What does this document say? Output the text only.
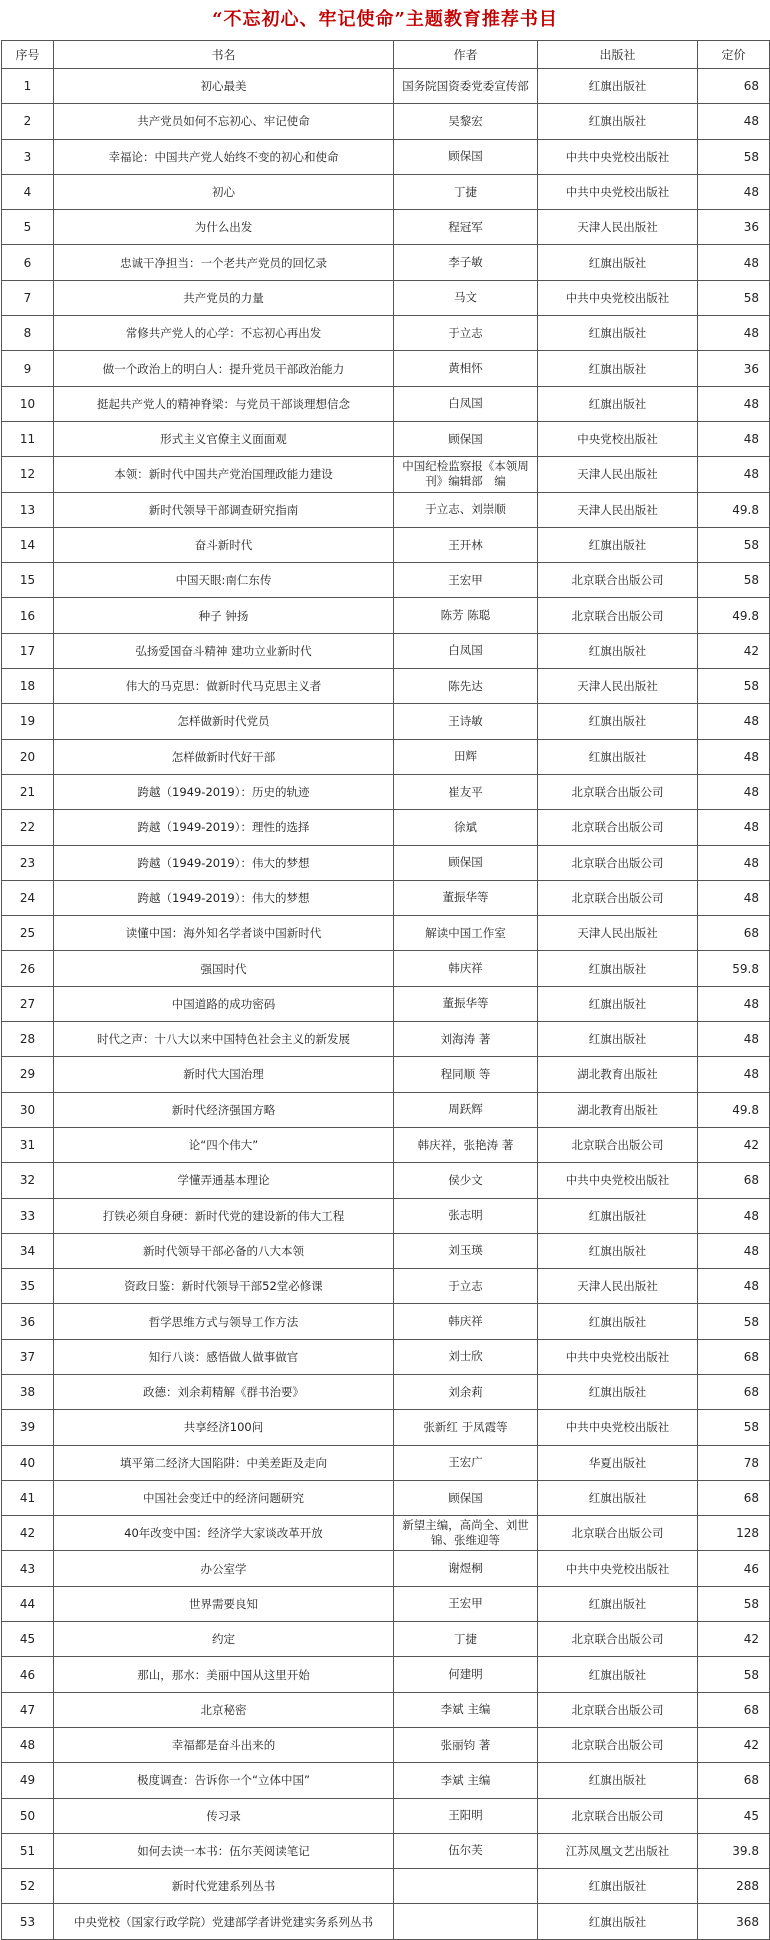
“不忘初心、牢记使命”主题教育推荐书目
序号	书名	作者	出版社	定价
1	初心最美	国务院国资委党委宣传部	红旗出版社	68
2	共产党员如何不忘初心、牢记使命	吴黎宏	红旗出版社	48
3	幸福论：中国共产党人始终不变的初心和使命	顾保国	中共中央党校出版社	58
4	初心	丁捷	中共中央党校出版社	48
5	为什么出发	程冠军	天津人民出版社	36
6	忠诚干净担当：一个老共产党员的回忆录	李子敏	红旗出版社	48
7	共产党员的力量	马文	中共中央党校出版社	58
8	常修共产党人的心学：不忘初心再出发	于立志	红旗出版社	48
9	做一个政治上的明白人：提升党员干部政治能力	黄相怀	红旗出版社	36
10	挺起共产党人的精神脊梁：与党员干部谈理想信念	白凤国	红旗出版社	48
11	形式主义官僚主义面面观	顾保国	中央党校出版社	48
12	本领：新时代中国共产党治国理政能力建设	中国纪检监察报《本领周刊》编辑部　编	天津人民出版社	48
13	新时代领导干部调查研究指南	于立志、刘崇顺	天津人民出版社	49.8
14	奋斗新时代	王开林	红旗出版社	58
15	中国天眼:南仁东传	王宏甲	北京联合出版公司	58
16	种子 钟扬	陈芳 陈聪	北京联合出版公司	49.8
17	弘扬爱国奋斗精神 建功立业新时代	白凤国	红旗出版社	42
18	伟大的马克思：做新时代马克思主义者	陈先达	天津人民出版社	58
19	怎样做新时代党员	王诗敏	红旗出版社	48
20	怎样做新时代好干部	田辉	红旗出版社	48
21	跨越（1949-2019）：历史的轨迹	崔友平	北京联合出版公司	48
22	跨越（1949-2019）：理性的选择	徐斌	北京联合出版公司	48
23	跨越（1949-2019）：伟大的梦想	顾保国	北京联合出版公司	48
24	跨越（1949-2019）：伟大的梦想	董振华等	北京联合出版公司	48
25	读懂中国：海外知名学者谈中国新时代	解读中国工作室	天津人民出版社	68
26	强国时代	韩庆祥	红旗出版社	59.8
27	中国道路的成功密码	董振华等	红旗出版社	48
28	时代之声：十八大以来中国特色社会主义的新发展	刘海涛 著	红旗出版社	48
29	新时代大国治理	程同顺 等	湖北教育出版社	48
30	新时代经济强国方略	周跃辉	湖北教育出版社	49.8
31	论“四个伟大”	韩庆祥，张艳涛 著	北京联合出版公司	42
32	学懂弄通基本理论	侯少文	中共中央党校出版社	68
33	打铁必须自身硬：新时代党的建设新的伟大工程	张志明	红旗出版社	48
34	新时代领导干部必备的八大本领	刘玉瑛	红旗出版社	48
35	资政日鉴：新时代领导干部52堂必修课	于立志	天津人民出版社	48
36	哲学思维方式与领导工作方法	韩庆祥	红旗出版社	58
37	知行八谈：感悟做人做事做官	刘士欣	中共中央党校出版社	68
38	政德：刘余莉精解《群书治要》	刘余莉	红旗出版社	68
39	共享经济100问	张新红 于凤霞等	中共中央党校出版社	58
40	填平第二经济大国陷阱：中美差距及走向	王宏广	华夏出版社	78
41	中国社会变迁中的经济问题研究	顾保国	红旗出版社	68
42	40年改变中国：经济学大家谈改革开放	新望主编，高尚全、刘世锦、张维迎等	北京联合出版公司	128
43	办公室学	谢煜桐	中共中央党校出版社	46
44	世界需要良知	王宏甲	红旗出版社	58
45	约定	丁捷	北京联合出版公司	42
46	那山，那水：美丽中国从这里开始	何建明	红旗出版社	58
47	北京秘密	李斌 主编	北京联合出版公司	68
48	幸福都是奋斗出来的	张丽钧 著	北京联合出版公司	42
49	极度调查：告诉你一个“立体中国”	李斌 主编	红旗出版社	68
50	传习录	王阳明	北京联合出版公司	45
51	如何去读一本书：伍尔芙阅读笔记	伍尔芙	江苏凤凰文艺出版社	39.8
52	新时代党建系列丛书		红旗出版社	288
53	中央党校（国家行政学院）党建部学者讲党建实务系列丛书		红旗出版社	368
